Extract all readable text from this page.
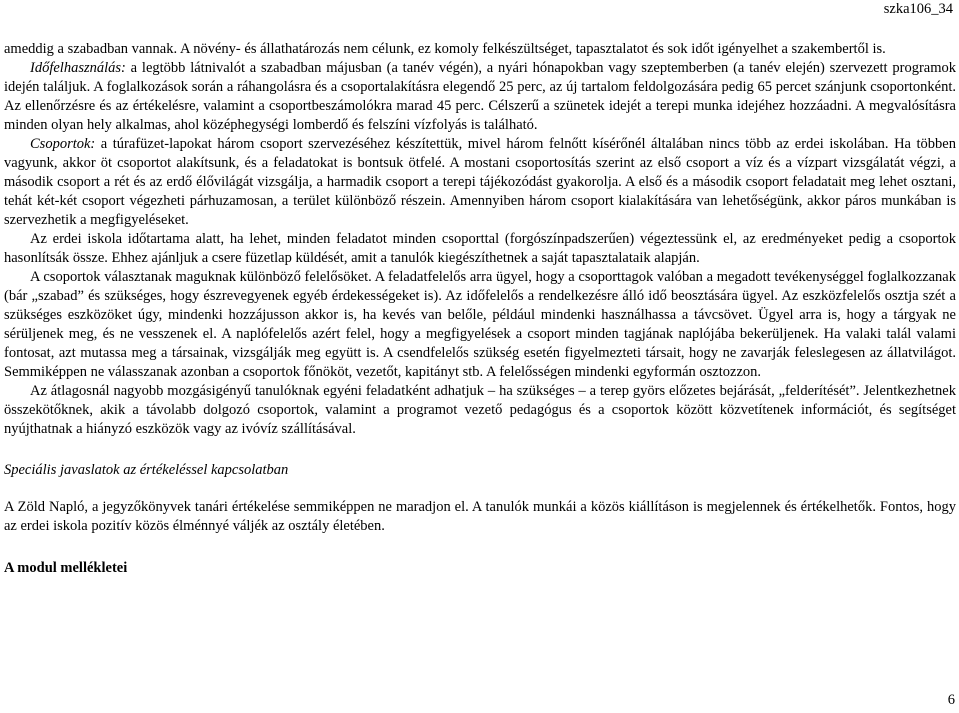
szka106_34

ameddig a szabadban vannak. A növény- és állathatározás nem célunk, ez komoly felkészültséget, tapasztalatot és sok időt igényelhet a szakembertől is.

Időfelhasználás: a legtöbb látnivalót a szabadban májusban (a tanév végén), a nyári hónapokban vagy szeptemberben (a tanév elején) szervezett programok idején találjuk. A foglalkozások során a ráhangolásra és a csoportalakításra elegendő 25 perc, az új tartalom feldolgozására pedig 65 percet szánjunk csoportonként. Az ellenőrzésre és az értékelésre, valamint a csoportbeszámolókra marad 45 perc. Célszerű a szünetek idejét a terepi munka idejéhez hozzáadni. A megvalósításra minden olyan hely alkalmas, ahol középhegységi lomberdő és felszíni vízfolyás is található.

Csoportok: a túrafüzet-lapokat három csoport szervezéséhez készítettük, mivel három felnőtt kísérőnél általában nincs több az erdei iskolában. Ha többen vagyunk, akkor öt csoportot alakítsunk, és a feladatokat is bontsuk ötfelé. A mostani csoportosítás szerint az első csoport a víz és a vízpart vizsgálatát végzi, a második csoport a rét és az erdő élővilágát vizsgálja, a harmadik csoport a terepi tájékozódást gyakorolja. A első és a második csoport feladatait meg lehet osztani, tehát két-két csoport végezheti párhuzamosan, a terület különböző részein. Amennyiben három csoport kialakítására van lehetőségünk, akkor páros munkában is szervezhetik a megfigyeléseket.

Az erdei iskola időtartama alatt, ha lehet, minden feladatot minden csoporttal (forgószínpadszerűen) végeztessünk el, az eredményeket pedig a csoportok hasonlítsák össze. Ehhez ajánljuk a csere füzetlap küldését, amit a tanulók kiegészíthetnek a saját tapasztalataik alapján.

A csoportok választanak maguknak különböző felelősöket. A feladatfelelős arra ügyel, hogy a csoporttagok valóban a megadott tevékenységgel foglalkozzanak (bár „szabad” és szükséges, hogy észrevegyenek egyéb érdekességeket is). Az időfelelős a rendelkezésre álló idő beosztására ügyel. Az eszközfelelős osztja szét a szükséges eszközöket úgy, mindenki hozzájusson akkor is, ha kevés van belőle, például mindenki használhassa a távcsövet. Ügyel arra is, hogy a tárgyak ne sérüljenek meg, és ne vesszenek el. A naplófelelős azért felel, hogy a megfigyelések a csoport minden tagjának naplójába bekerüljenek. Ha valaki talál valami fontosat, azt mutassa meg a társainak, vizsgálják meg együtt is. A csendfelelős szükség esetén figyelmezteti társait, hogy ne zavarják feleslegesen az állatvilágot. Semmiképpen ne válasszanak azonban a csoportok főnököt, vezetőt, kapitányt stb. A felelősségen mindenki egyformán osztozzon.

Az átlagosnál nagyobb mozgásigényű tanulóknak egyéni feladatként adhatjuk – ha szükséges – a terep györs előzetes bejárását, „felderítését”. Jelentkezhetnek összekötőknek, akik a távolabb dolgozó csoportok, valamint a programot vezető pedagógus és a csoportok között közvetítenek információt, és segítséget nyújthatnak a hiányzó eszközök vagy az ivóvíz szállításával.

Speciális javaslatok az értékeléssel kapcsolatban

A Zöld Napló, a jegyzőkönyvek tanári értékelése semmiképpen ne maradjon el. A tanulók munkái a közös kiállításon is megjelennek és értékelhetők. Fontos, hogy az erdei iskola pozitív közös élménnyé váljék az osztály életében.

A modul mellékletei

6
